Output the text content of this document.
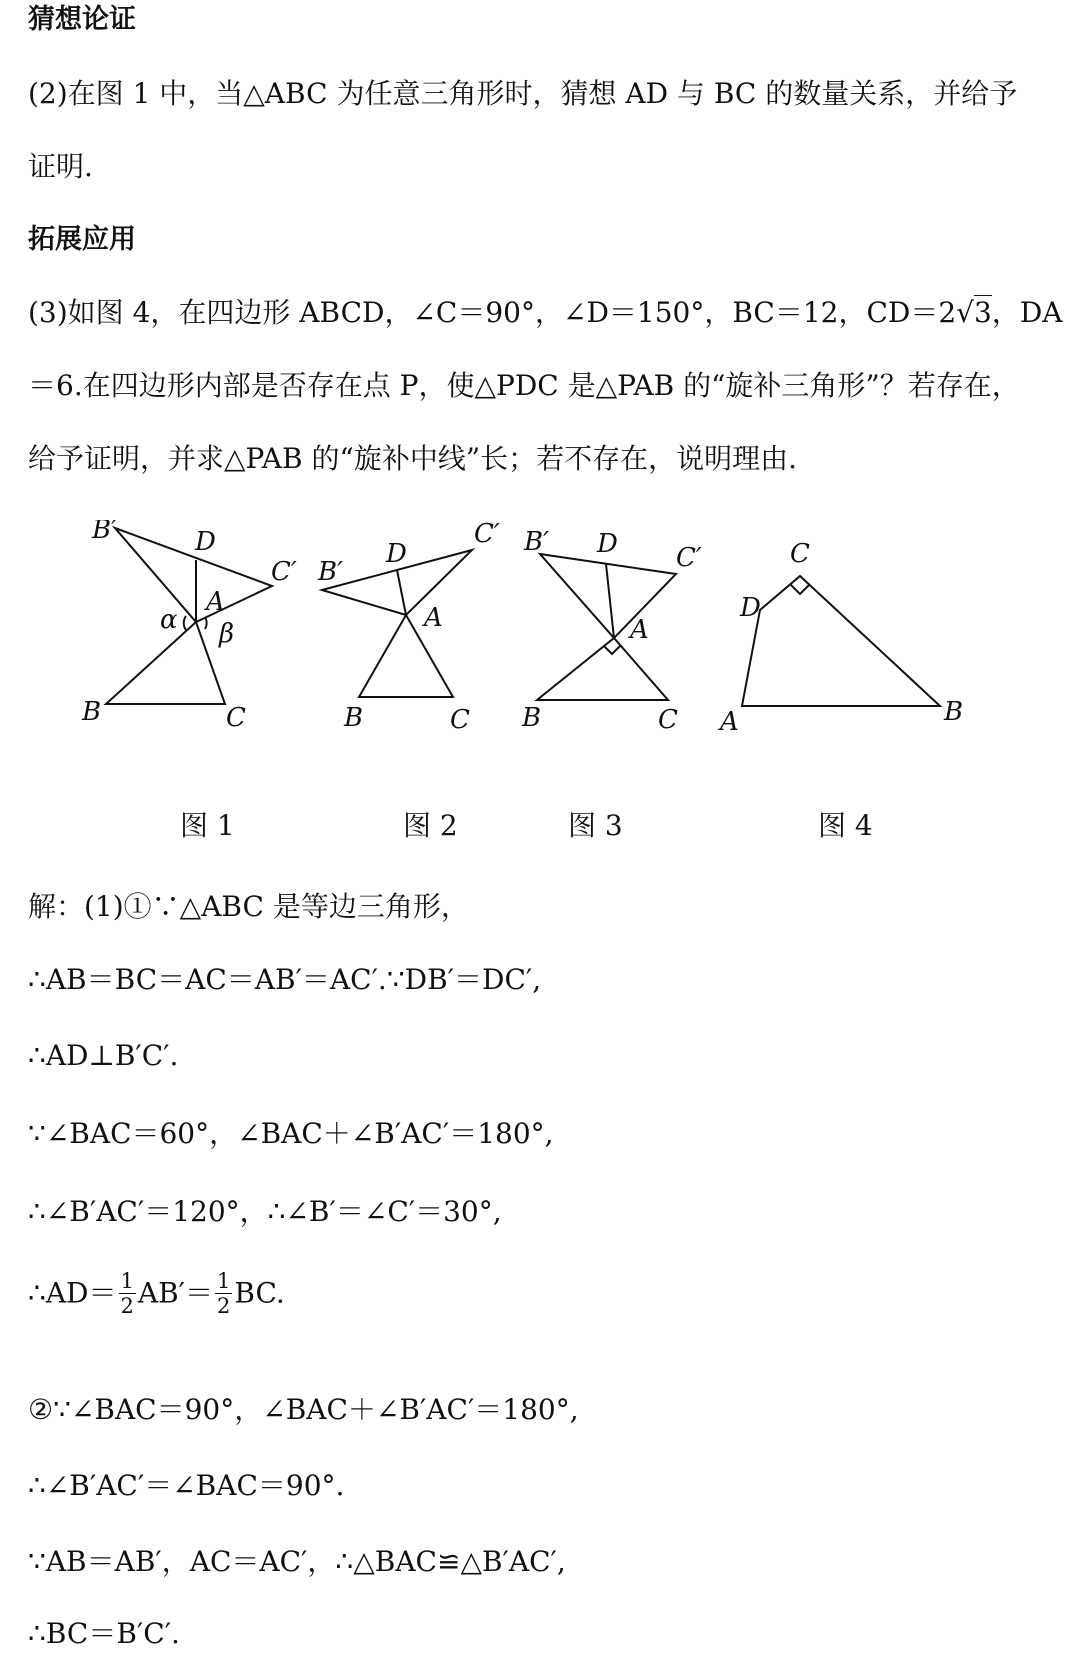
猜想论证
(2)在图 1 中，当△ABC 为任意三角形时，猜想 AD 与 BC 的数量关系，并给予
证明.
拓展应用
(3)如图 4，在四边形 ABCD，∠C＝90°，∠D＝150°，BC＝12，CD＝2√3，DA
＝6.在四边形内部是否存在点 P，使△PDC 是△PAB 的“旋补三角形”？若存在，
给予证明，并求△PAB 的“旋补中线”长；若不存在，说明理由.
B′	D
C′
A
α β
B	C
B′
D
C′
A
B	C
B′ D C′
A
B	C
C
D
A	B
图 1	图 2	图 3	图 4
解：(1)①∵△ABC 是等边三角形，
∴AB＝BC＝AC＝AB′＝AC′.∵DB′＝DC′,
∴AD⊥B′C′.
∵∠BAC＝60°，∠BAC＋∠B′AC′＝180°,
∴∠B′AC′＝120°，∴∠B′＝∠C′＝30°,
∴AD＝ $\frac{1}{2} AB'= \frac{1}{2}$ BC.
②∵∠BAC＝90°，∠BAC＋∠B′AC′＝180°,
∴∠B′AC′＝∠BAC＝90°.
∵AB＝AB′，AC＝AC′，∴△BAC≌△B′AC′,
∴BC＝B′C′.
